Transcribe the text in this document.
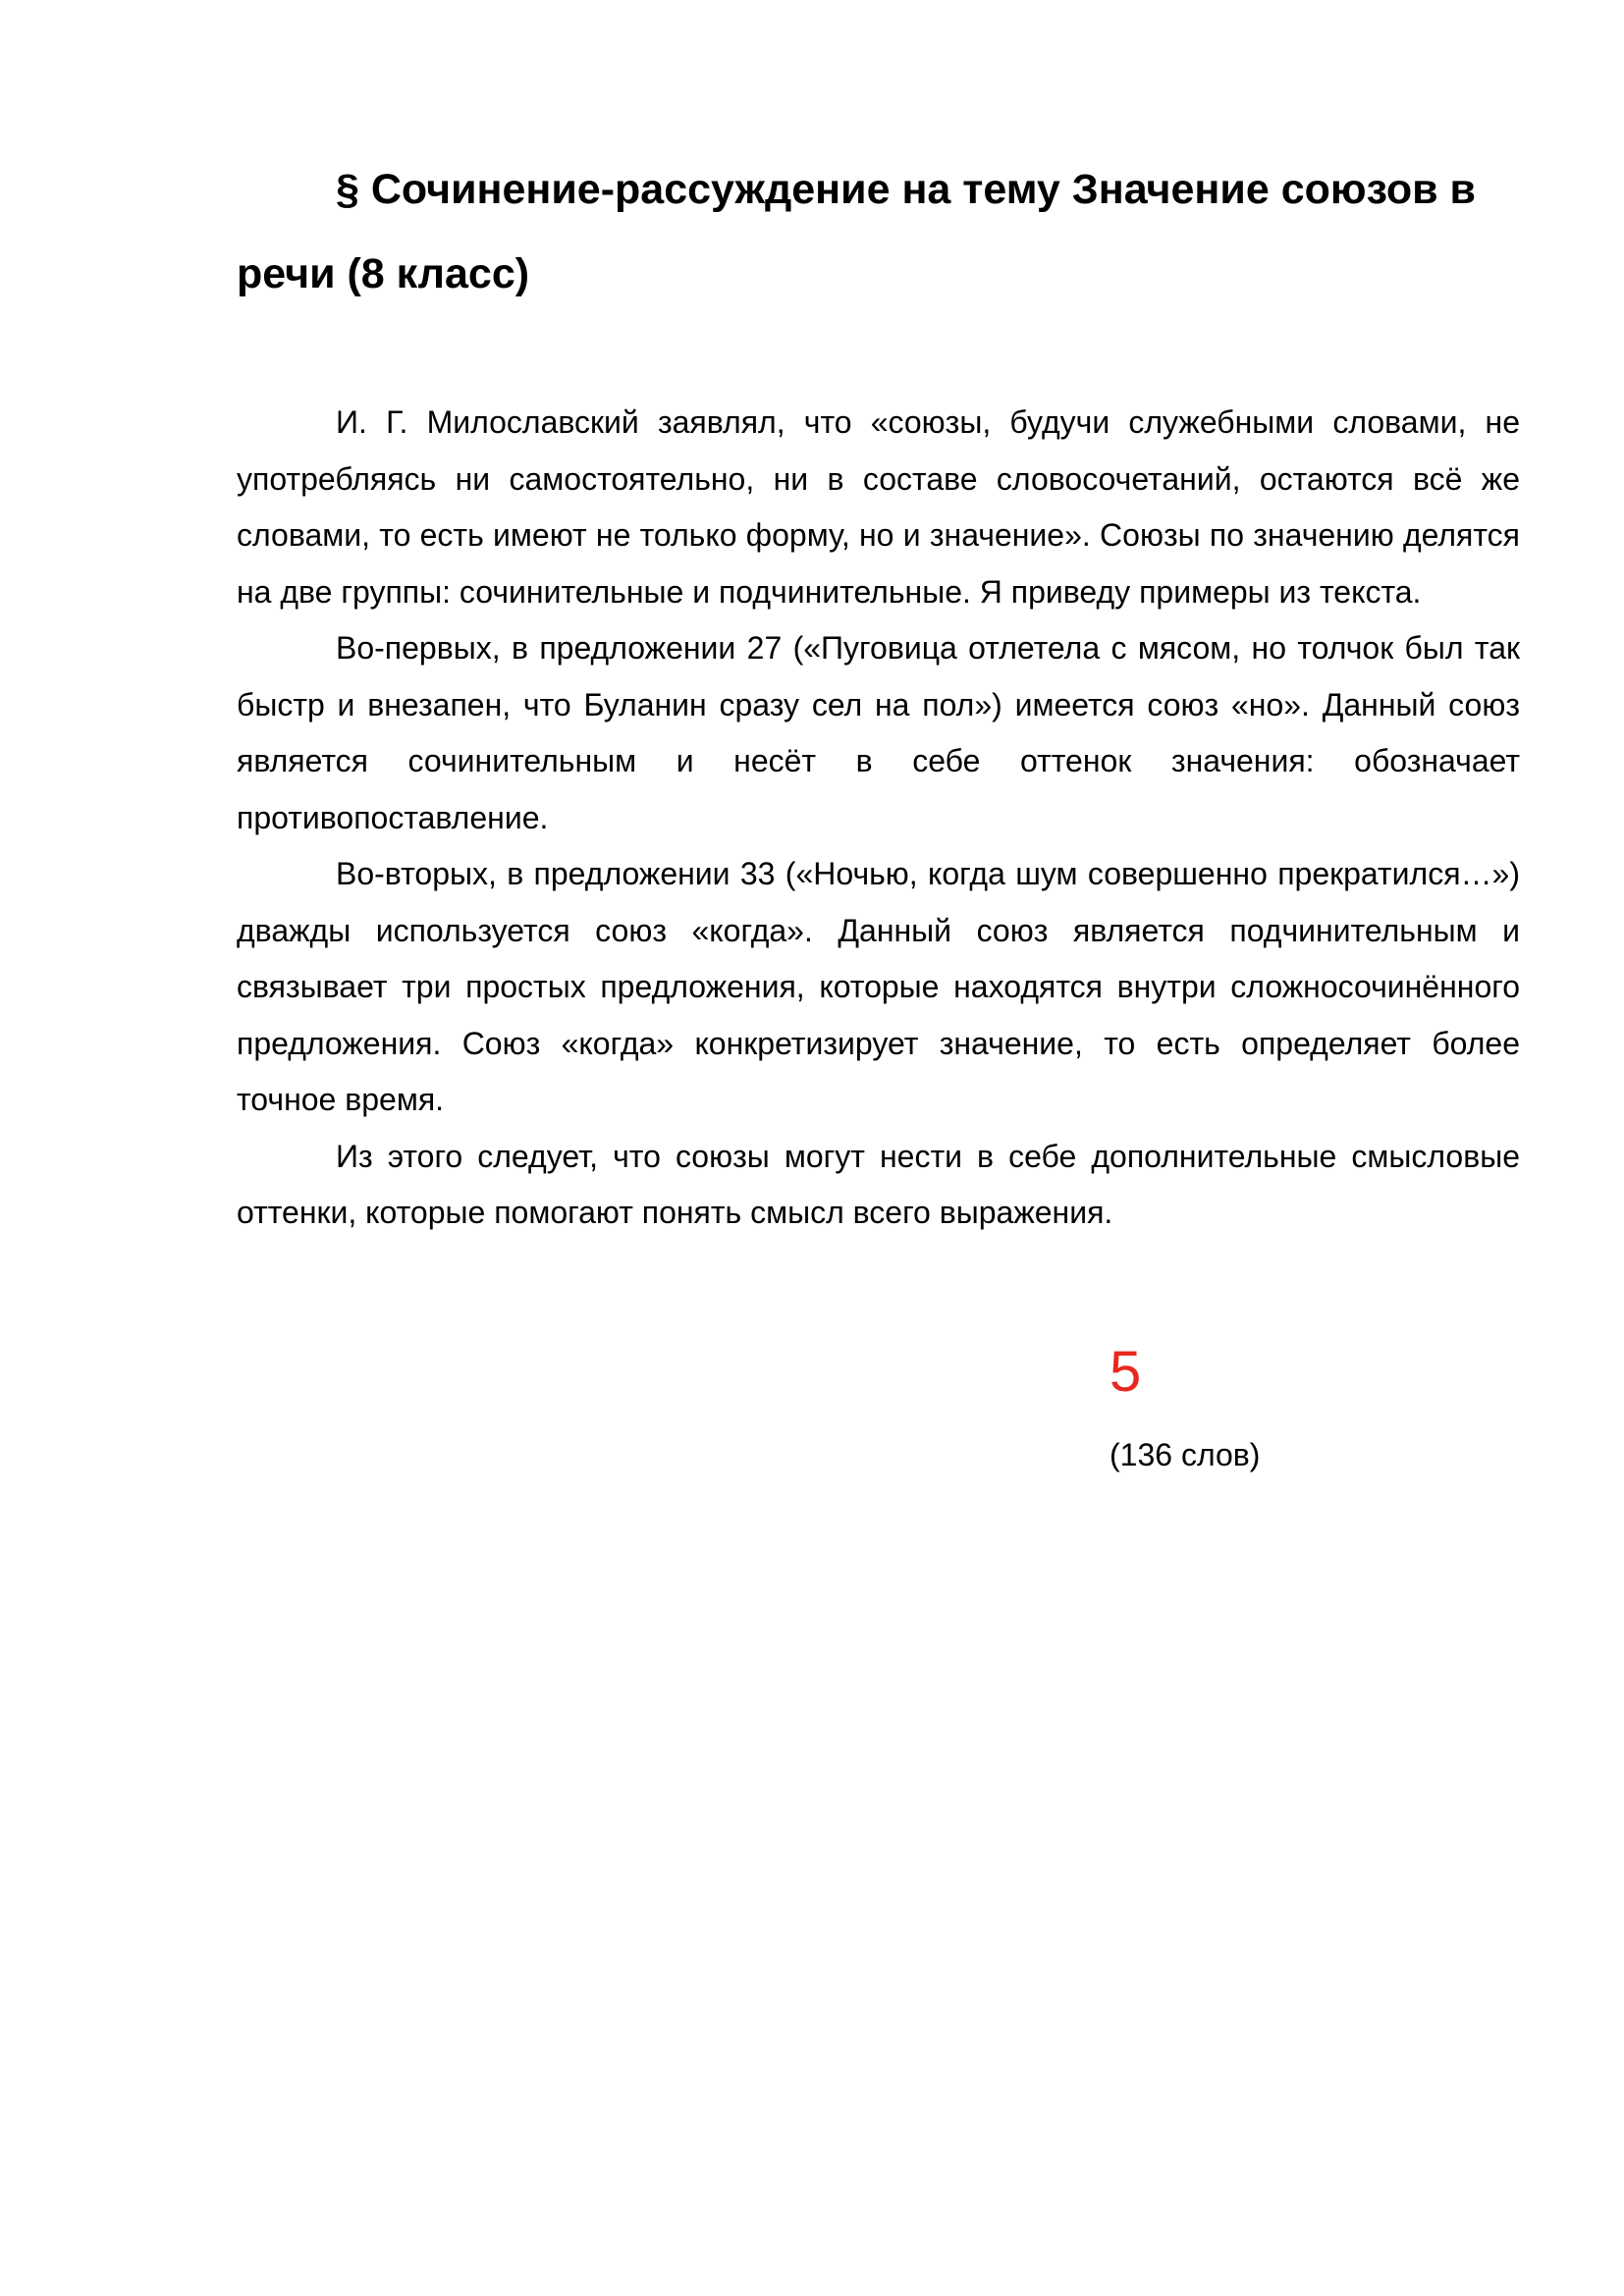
§ Сочинение-рассуждение на тему Значение союзов в речи (8 класс)

И. Г. Милославский заявлял, что «союзы, будучи служебными словами, не употребляясь ни самостоятельно, ни в составе словосочетаний, остаются всё же словами, то есть имеют не только форму, но и значение». Союзы по значению делятся на две группы: сочинительные и подчинительные. Я приведу примеры из текста.

Во-первых, в предложении 27 («Пуговица отлетела с мясом, но толчок был так быстр и внезапен, что Буланин сразу сел на пол») имеется союз «но». Данный союз является сочинительным и несёт в себе оттенок значения: обозначает противопоставление.

Во-вторых, в предложении 33 («Ночью, когда шум совершенно прекратился…») дважды используется союз «когда». Данный союз является подчинительным и связывает три простых предложения, которые находятся внутри сложносочинённого предложения. Союз «когда» конкретизирует значение, то есть определяет более точное время.

Из этого следует, что союзы могут нести в себе дополнительные смысловые оттенки, которые помогают понять смысл всего выражения.

5
(136 слов)
